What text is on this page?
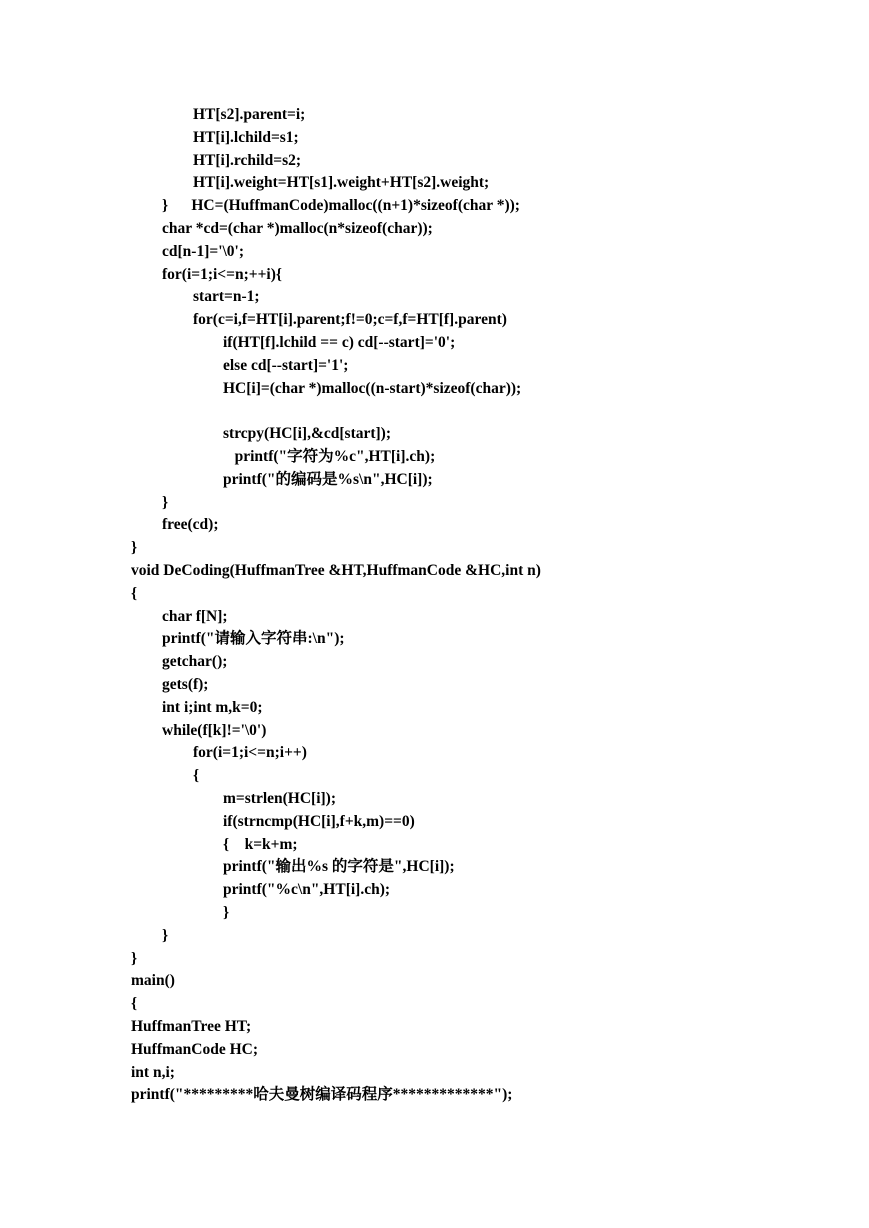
HT[s2].parent=i;
HT[i].lchild=s1;
HT[i].rchild=s2;
HT[i].weight=HT[s1].weight+HT[s2].weight;
}      HC=(HuffmanCode)malloc((n+1)*sizeof(char *));
char *cd=(char *)malloc(n*sizeof(char));
cd[n-1]='\0';
for(i=1;i<=n;++i){
start=n-1;
for(c=i,f=HT[i].parent;f!=0;c=f,f=HT[f].parent)
if(HT[f].lchild == c) cd[--start]='0';
else cd[--start]='1';
HC[i]=(char *)malloc((n-start)*sizeof(char));
strcpy(HC[i],&cd[start]);
printf("字符为%c",HT[i].ch);
printf("的编码是%s\n",HC[i]);
}
free(cd);
}
void DeCoding(HuffmanTree &HT,HuffmanCode &HC,int n)
{
char f[N];
printf("请输入字符串:\n");
getchar();
gets(f);
int i;int m,k=0;
while(f[k]!='\0')
for(i=1;i<=n;i++)
{
m=strlen(HC[i]);
if(strncmp(HC[i],f+k,m)==0)
{    k=k+m;
printf("输出%s 的字符是",HC[i]);
printf("%c\n",HT[i].ch);
}
}
}
main()
{
HuffmanTree HT;
HuffmanCode HC;
int n,i;
printf("*********哈夫曼树编译码程序*************");
